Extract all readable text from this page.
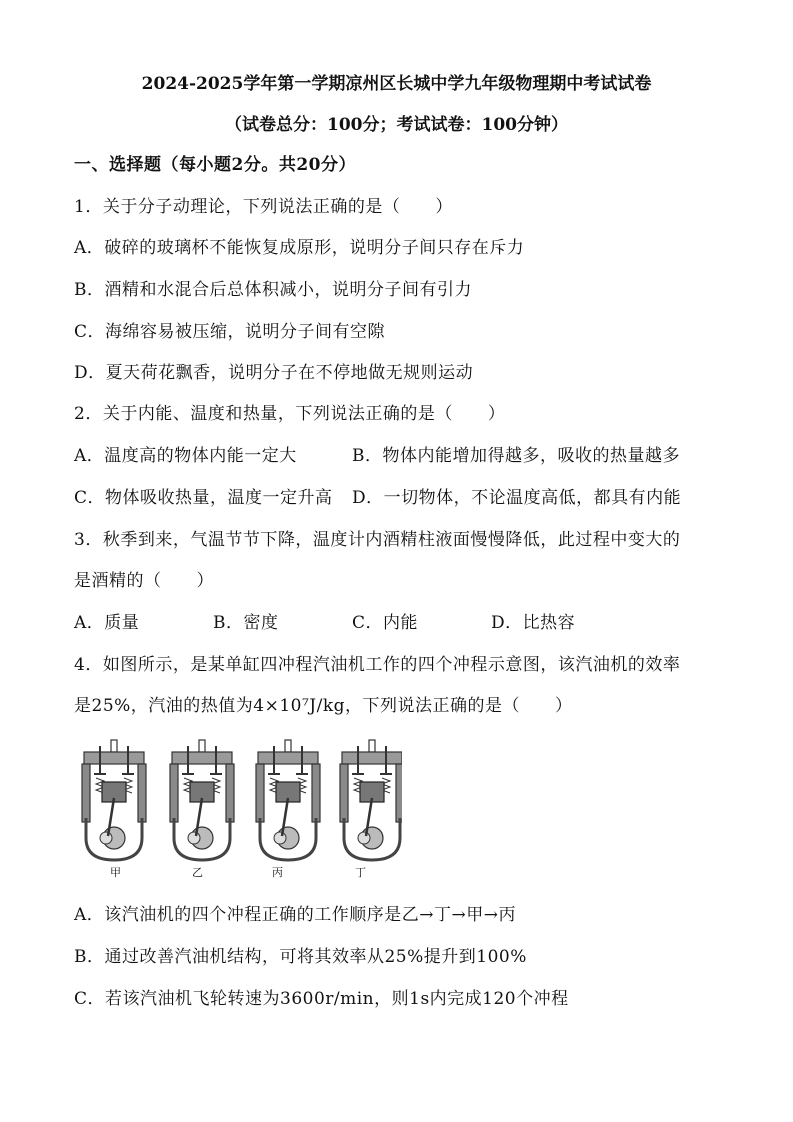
2024-2025学年第一学期凉州区长城中学九年级物理期中考试试卷
（试卷总分：100分；考试试卷：100分钟）
一、选择题（每小题2分。共20分）
1．关于分子动理论，下列说法正确的是（　　）
A．破碎的玻璃杯不能恢复成原形，说明分子间只存在斥力
B．酒精和水混合后总体积减小，说明分子间有引力
C．海绵容易被压缩，说明分子间有空隙
D．夏天荷花飘香，说明分子在不停地做无规则运动
2．关于内能、温度和热量，下列说法正确的是（　　）
A．温度高的物体内能一定大	B．物体内能增加得越多，吸收的热量越多
C．物体吸收热量，温度一定升高 D．一切物体，不论温度高低，都具有内能
3．秋季到来，气温节节下降，温度计内酒精柱液面慢慢降低，此过程中变大的
是酒精的（　　）
A．质量	B．密度	C．内能	D．比热容
4．如图所示，是某单缸四冲程汽油机工作的四个冲程示意图，该汽油机的效率
是25%，汽油的热值为4×10⁷J/kg，下列说法正确的是（　　）
甲	乙	丙	丁
A．该汽油机的四个冲程正确的工作顺序是乙→丁→甲→丙
B．通过改善汽油机结构，可将其效率从25%提升到100%
C．若该汽油机飞轮转速为3600r/min，则1s内完成120个冲程
